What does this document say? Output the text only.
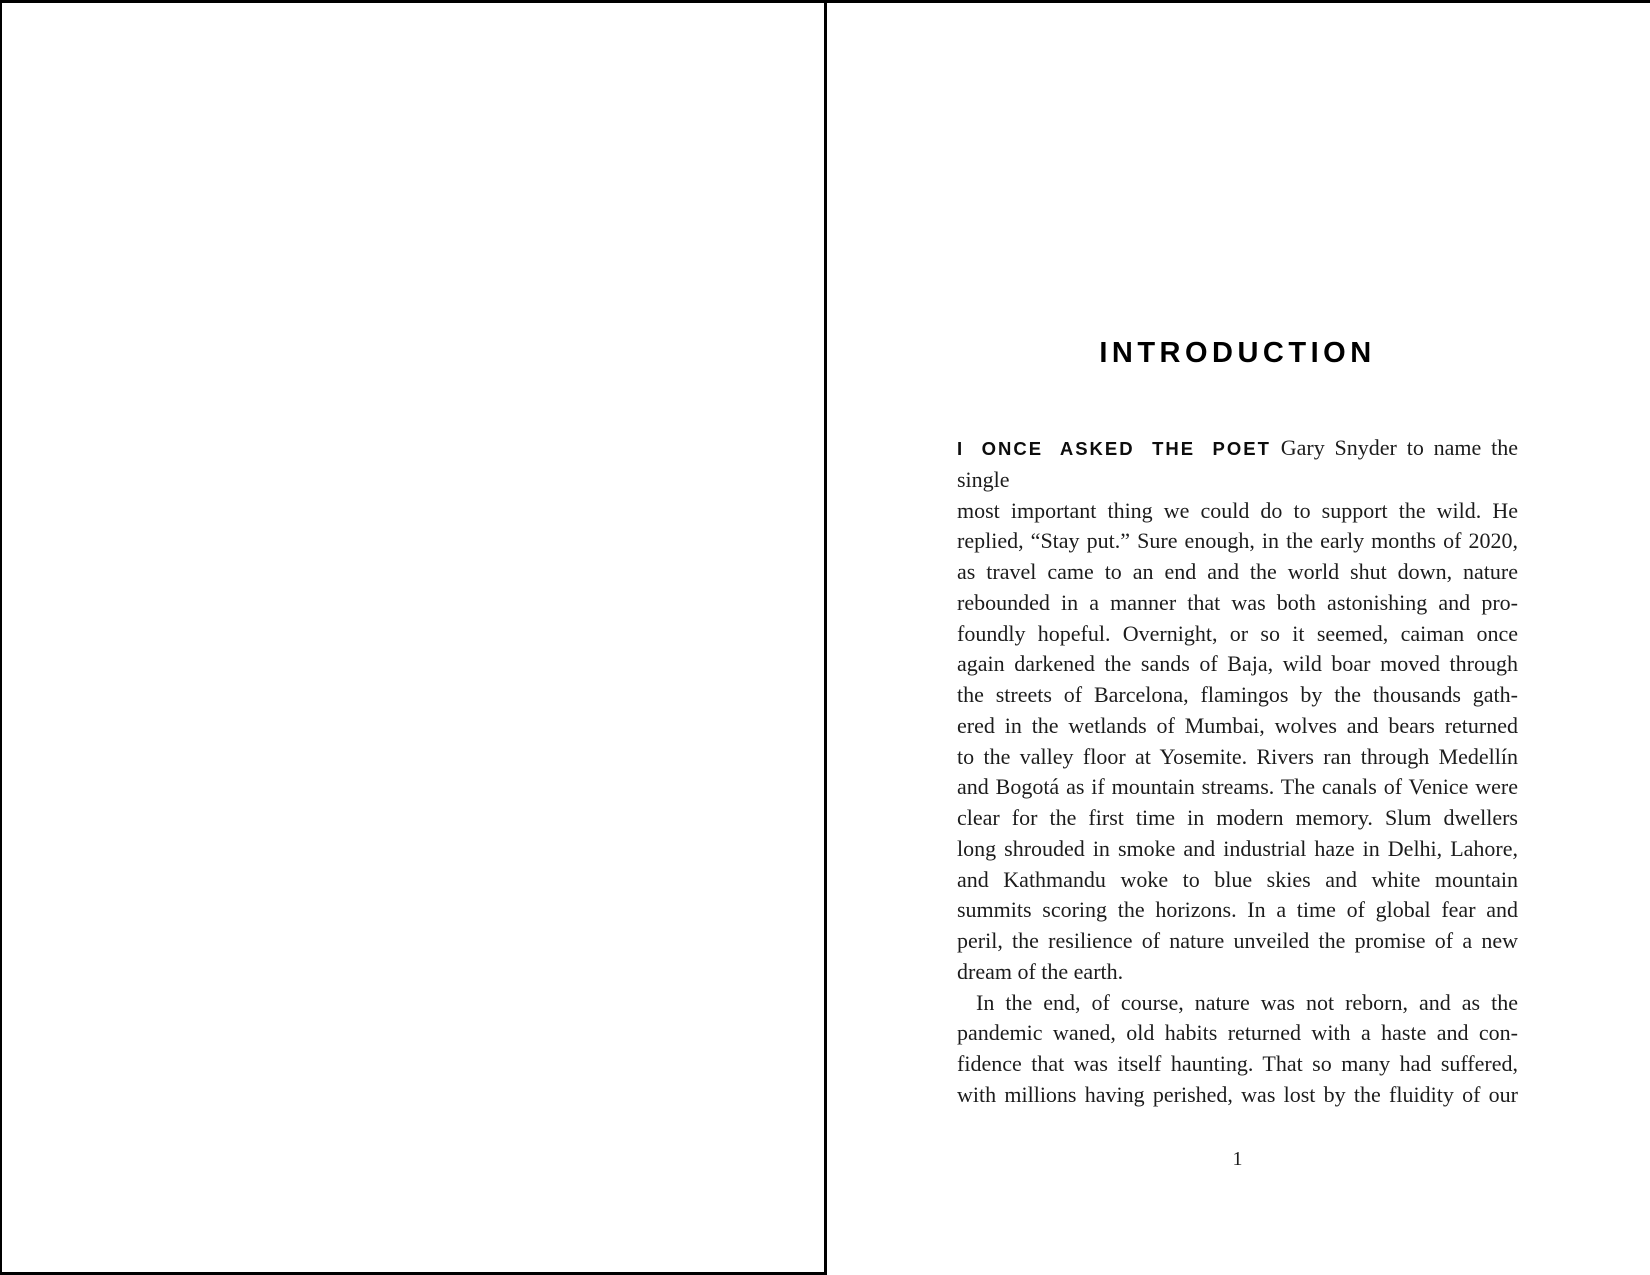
INTRODUCTION
I ONCE ASKED THE POET Gary Snyder to name the single
most important thing we could do to support the wild. He
replied, “Stay put.” Sure enough, in the early months of 2020,
as travel came to an end and the world shut down, nature
rebounded in a manner that was both astonishing and pro-
foundly hopeful. Overnight, or so it seemed, caiman once
again darkened the sands of Baja, wild boar moved through
the streets of Barcelona, flamingos by the thousands gath-
ered in the wetlands of Mumbai, wolves and bears returned
to the valley floor at Yosemite. Rivers ran through Medellín
and Bogotá as if mountain streams. The canals of Venice were
clear for the first time in modern memory. Slum dwellers
long shrouded in smoke and industrial haze in Delhi, Lahore,
and Kathmandu woke to blue skies and white mountain
summits scoring the horizons. In a time of global fear and
peril, the resilience of nature unveiled the promise of a new
dream of the earth.
In the end, of course, nature was not reborn, and as the
pandemic waned, old habits returned with a haste and con-
fidence that was itself haunting. That so many had suffered,
with millions having perished, was lost by the fluidity of our
1
